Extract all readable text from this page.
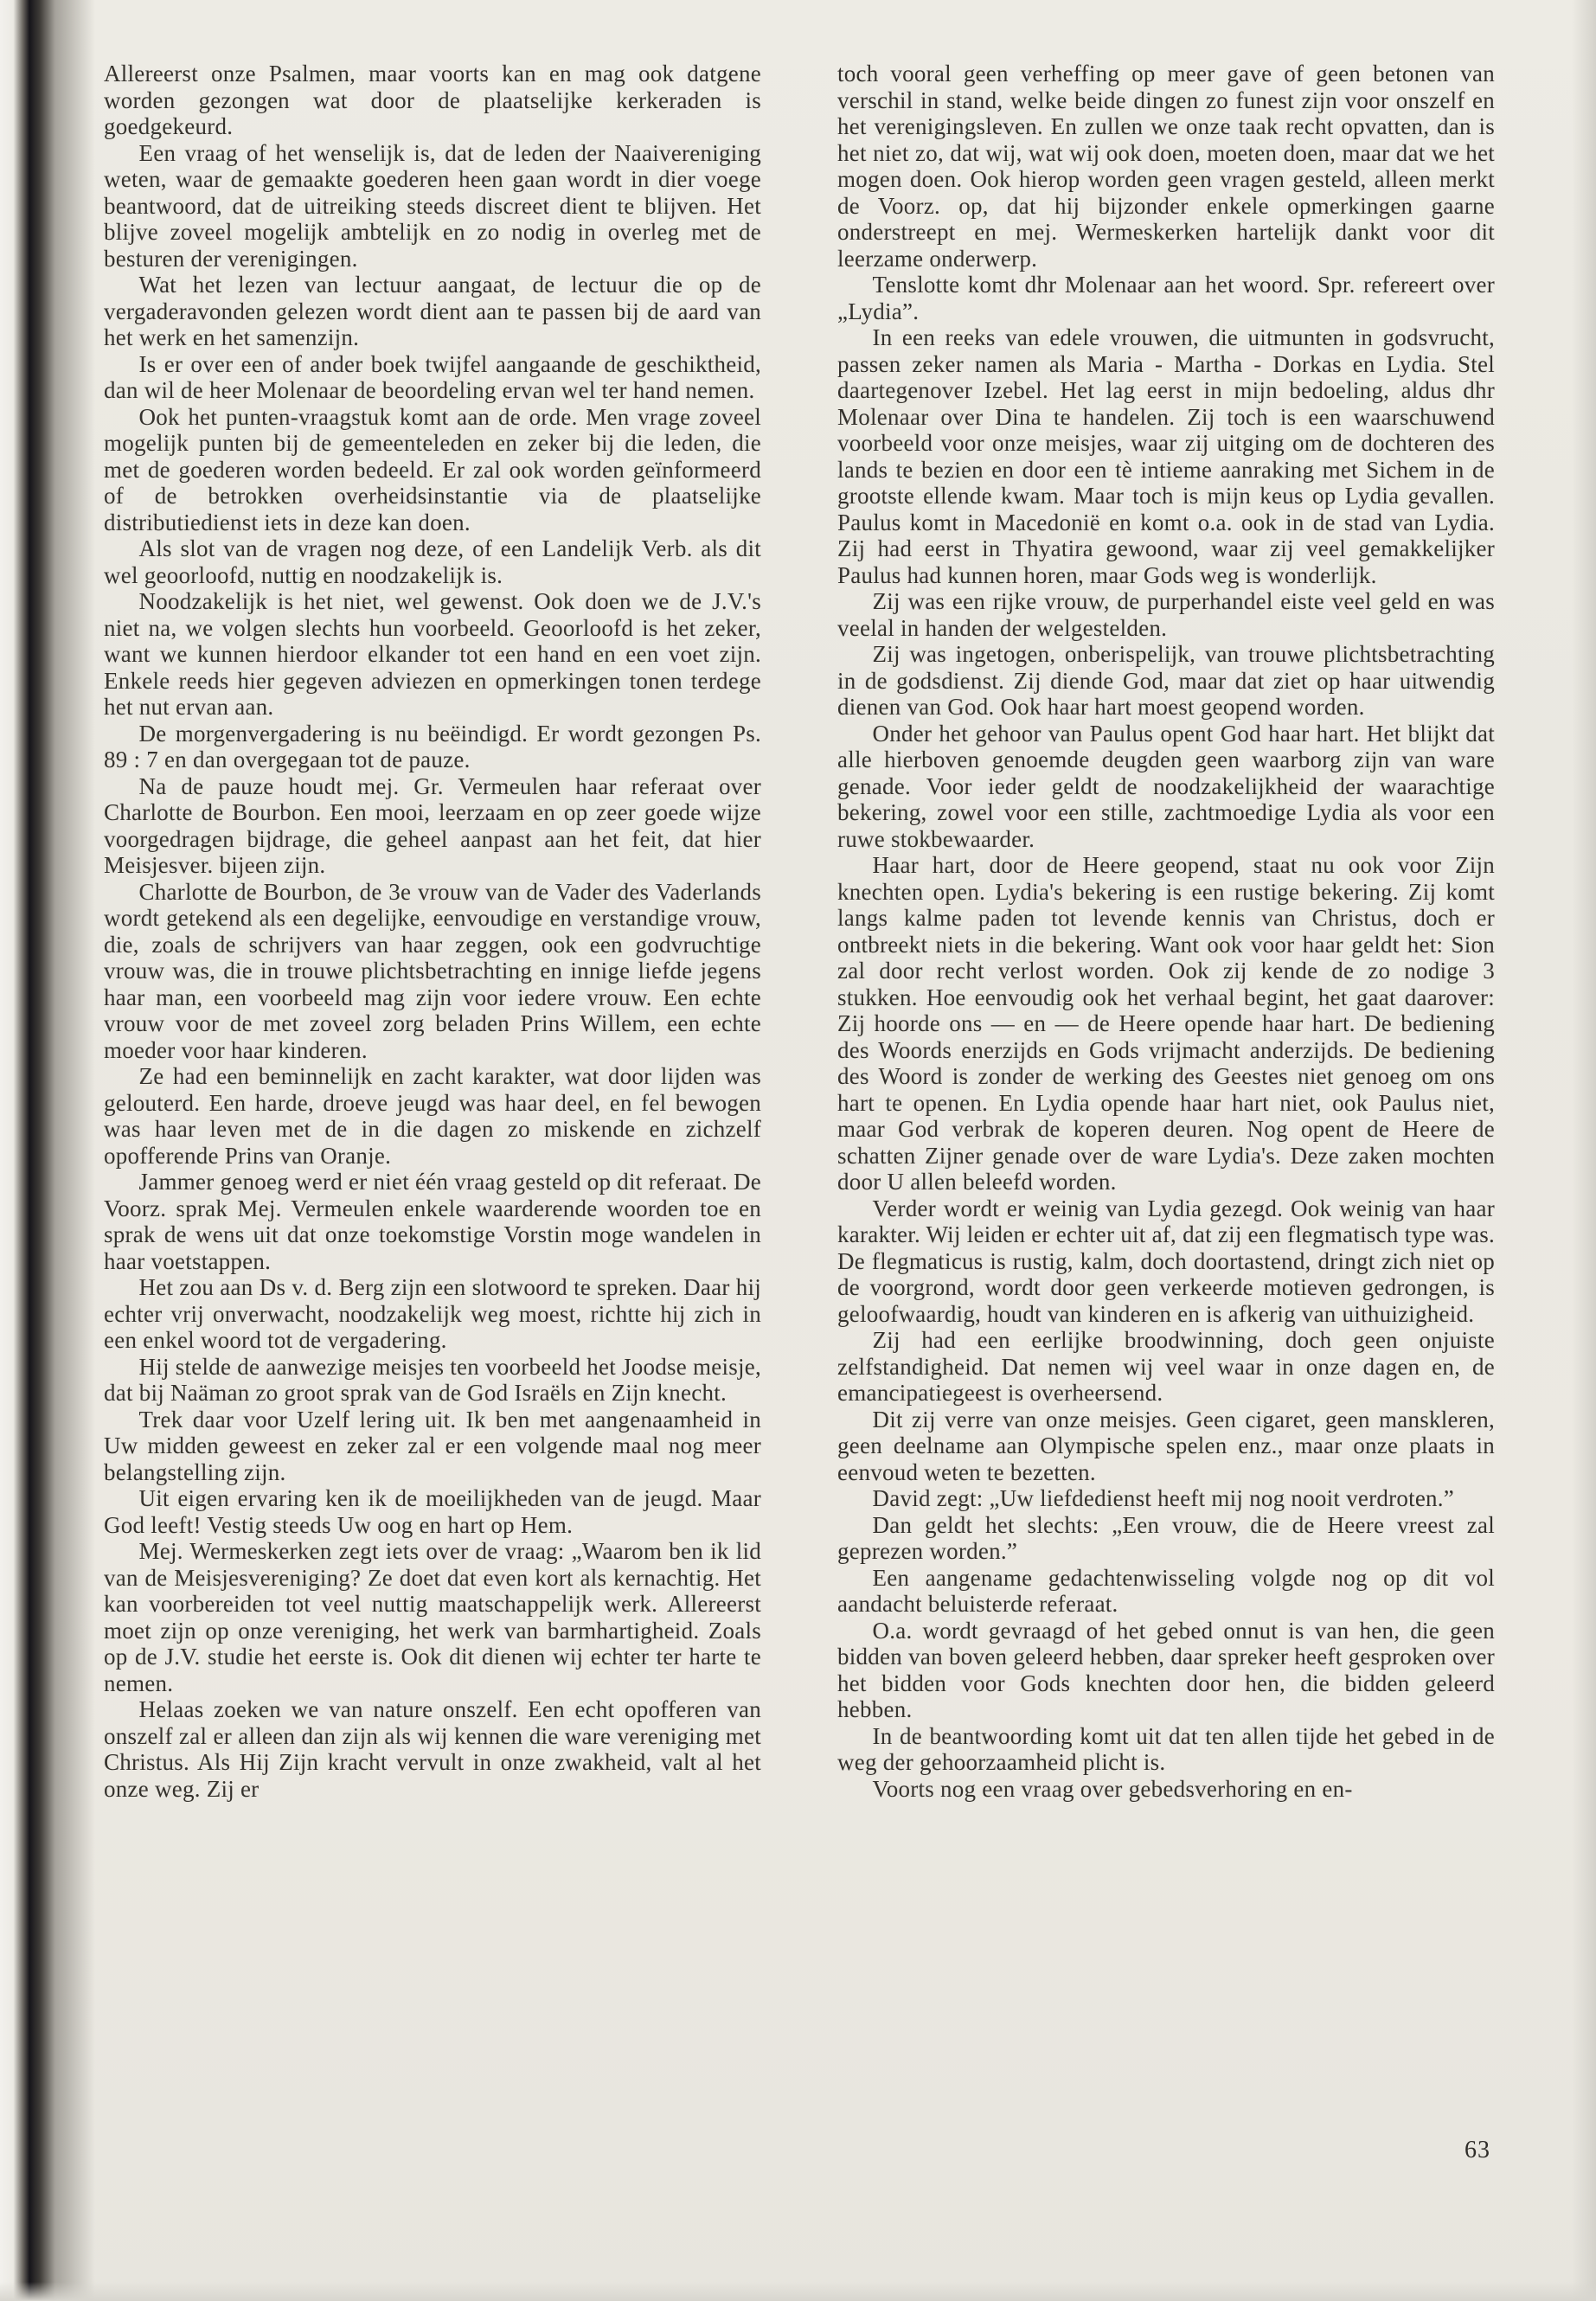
Allereerst onze Psalmen, maar voorts kan en mag ook datgene worden gezongen wat door de plaatselijke kerkeraden is goedgekeurd.

Een vraag of het wenselijk is, dat de leden der Naaivereniging weten, waar de gemaakte goederen heen gaan wordt in dier voege beantwoord, dat de uitreiking steeds discreet dient te blijven. Het blijve zoveel mogelijk ambtelijk en zo nodig in overleg met de besturen der verenigingen.

Wat het lezen van lectuur aangaat, de lectuur die op de vergaderavonden gelezen wordt dient aan te passen bij de aard van het werk en het samenzijn.

Is er over een of ander boek twijfel aangaande de geschiktheid, dan wil de heer Molenaar de beoordeling ervan wel ter hand nemen.

Ook het punten-vraagstuk komt aan de orde. Men vrage zoveel mogelijk punten bij de gemeenteleden en zeker bij die leden, die met de goederen worden bedeeld. Er zal ook worden geïnformeerd of de betrokken overheidsinstantie via de plaatselijke distributiedienst iets in deze kan doen.

Als slot van de vragen nog deze, of een Landelijk Verb. als dit wel geoorloofd, nuttig en noodzakelijk is.

Noodzakelijk is het niet, wel gewenst. Ook doen we de J.V.'s niet na, we volgen slechts hun voorbeeld. Geoorloofd is het zeker, want we kunnen hierdoor elkander tot een hand en een voet zijn. Enkele reeds hier gegeven adviezen en opmerkingen tonen terdege het nut ervan aan.

De morgenvergadering is nu beëindigd. Er wordt gezongen Ps. 89 : 7 en dan overgegaan tot de pauze.

Na de pauze houdt mej. Gr. Vermeulen haar referaat over Charlotte de Bourbon. Een mooi, leerzaam en op zeer goede wijze voorgedragen bijdrage, die geheel aanpast aan het feit, dat hier Meisjesver. bijeen zijn.

Charlotte de Bourbon, de 3e vrouw van de Vader des Vaderlands wordt getekend als een degelijke, eenvoudige en verstandige vrouw, die, zoals de schrijvers van haar zeggen, ook een godvruchtige vrouw was, die in trouwe plichtsbetrachting en innige liefde jegens haar man, een voorbeeld mag zijn voor iedere vrouw. Een echte vrouw voor de met zoveel zorg beladen Prins Willem, een echte moeder voor haar kinderen.

Ze had een beminnelijk en zacht karakter, wat door lijden was gelouterd. Een harde, droeve jeugd was haar deel, en fel bewogen was haar leven met de in die dagen zo miskende en zichzelf opofferende Prins van Oranje.

Jammer genoeg werd er niet één vraag gesteld op dit referaat. De Voorz. sprak Mej. Vermeulen enkele waarderende woorden toe en sprak de wens uit dat onze toekomstige Vorstin moge wandelen in haar voetstappen.

Het zou aan Ds v. d. Berg zijn een slotwoord te spreken. Daar hij echter vrij onverwacht, noodzakelijk weg moest, richtte hij zich in een enkel woord tot de vergadering.

Hij stelde de aanwezige meisjes ten voorbeeld het Joodse meisje, dat bij Naäman zo groot sprak van de God Israëls en Zijn knecht.

Trek daar voor Uzelf lering uit. Ik ben met aangenaamheid in Uw midden geweest en zeker zal er een volgende maal nog meer belangstelling zijn.

Uit eigen ervaring ken ik de moeilijkheden van de jeugd. Maar God leeft! Vestig steeds Uw oog en hart op Hem.

Mej. Wermeskerken zegt iets over de vraag: „Waarom ben ik lid van de Meisjesvereniging? Ze doet dat even kort als kernachtig. Het kan voorbereiden tot veel nuttig maatschappelijk werk. Allereerst moet zijn op onze vereniging, het werk van barmhartigheid. Zoals op de J.V. studie het eerste is. Ook dit dienen wij echter ter harte te nemen.

Helaas zoeken we van nature onszelf. Een echt opofferen van onszelf zal er alleen dan zijn als wij kennen die ware vereniging met Christus. Als Hij Zijn kracht vervult in onze zwakheid, valt al het onze weg. Zij er

toch vooral geen verheffing op meer gave of geen betonen van verschil in stand, welke beide dingen zo funest zijn voor onszelf en het verenigingsleven. En zullen we onze taak recht opvatten, dan is het niet zo, dat wij, wat wij ook doen, moeten doen, maar dat we het mogen doen. Ook hierop worden geen vragen gesteld, alleen merkt de Voorz. op, dat hij bijzonder enkele opmerkingen gaarne onderstreept en mej. Wermeskerken hartelijk dankt voor dit leerzame onderwerp.

Tenslotte komt dhr Molenaar aan het woord. Spr. refereert over „Lydia”.

In een reeks van edele vrouwen, die uitmunten in godsvrucht, passen zeker namen als Maria - Martha - Dorkas en Lydia. Stel daartegenover Izebel. Het lag eerst in mijn bedoeling, aldus dhr Molenaar over Dina te handelen. Zij toch is een waarschuwend voorbeeld voor onze meisjes, waar zij uitging om de dochteren des lands te bezien en door een tè intieme aanraking met Sichem in de grootste ellende kwam. Maar toch is mijn keus op Lydia gevallen. Paulus komt in Macedonië en komt o.a. ook in de stad van Lydia. Zij had eerst in Thyatira gewoond, waar zij veel gemakkelijker Paulus had kunnen horen, maar Gods weg is wonderlijk.

Zij was een rijke vrouw, de purperhandel eiste veel geld en was veelal in handen der welgestelden.

Zij was ingetogen, onberispelijk, van trouwe plichtsbetrachting in de godsdienst. Zij diende God, maar dat ziet op haar uitwendig dienen van God. Ook haar hart moest geopend worden.

Onder het gehoor van Paulus opent God haar hart. Het blijkt dat alle hierboven genoemde deugden geen waarborg zijn van ware genade. Voor ieder geldt de noodzakelijkheid der waarachtige bekering, zowel voor een stille, zachtmoedige Lydia als voor een ruwe stokbewaarder.

Haar hart, door de Heere geopend, staat nu ook voor Zijn knechten open. Lydia's bekering is een rustige bekering. Zij komt langs kalme paden tot levende kennis van Christus, doch er ontbreekt niets in die bekering. Want ook voor haar geldt het: Sion zal door recht verlost worden. Ook zij kende de zo nodige 3 stukken. Hoe eenvoudig ook het verhaal begint, het gaat daarover: Zij hoorde ons — en — de Heere opende haar hart. De bediening des Woords enerzijds en Gods vrijmacht anderzijds. De bediening des Woord is zonder de werking des Geestes niet genoeg om ons hart te openen. En Lydia opende haar hart niet, ook Paulus niet, maar God verbrak de koperen deuren. Nog opent de Heere de schatten Zijner genade over de ware Lydia's. Deze zaken mochten door U allen beleefd worden.

Verder wordt er weinig van Lydia gezegd. Ook weinig van haar karakter. Wij leiden er echter uit af, dat zij een flegmatisch type was. De flegmaticus is rustig, kalm, doch doortastend, dringt zich niet op de voorgrond, wordt door geen verkeerde motieven gedrongen, is geloofwaardig, houdt van kinderen en is afkerig van uithuizigheid.

Zij had een eerlijke broodwinning, doch geen onjuiste zelfstandigheid. Dat nemen wij veel waar in onze dagen en, de emancipatiegeest is overheersend.

Dit zij verre van onze meisjes. Geen cigaret, geen manskleren, geen deelname aan Olympische spelen enz., maar onze plaats in eenvoud weten te bezetten.

David zegt: „Uw liefdedienst heeft mij nog nooit verdroten.”

Dan geldt het slechts: „Een vrouw, die de Heere vreest zal geprezen worden.”

Een aangename gedachtenwisseling volgde nog op dit vol aandacht beluisterde referaat.

O.a. wordt gevraagd of het gebed onnut is van hen, die geen bidden van boven geleerd hebben, daar spreker heeft gesproken over het bidden voor Gods knechten door hen, die bidden geleerd hebben.

In de beantwoording komt uit dat ten allen tijde het gebed in de weg der gehoorzaamheid plicht is.

Voorts nog een vraag over gebedsverhoring en en-

63
